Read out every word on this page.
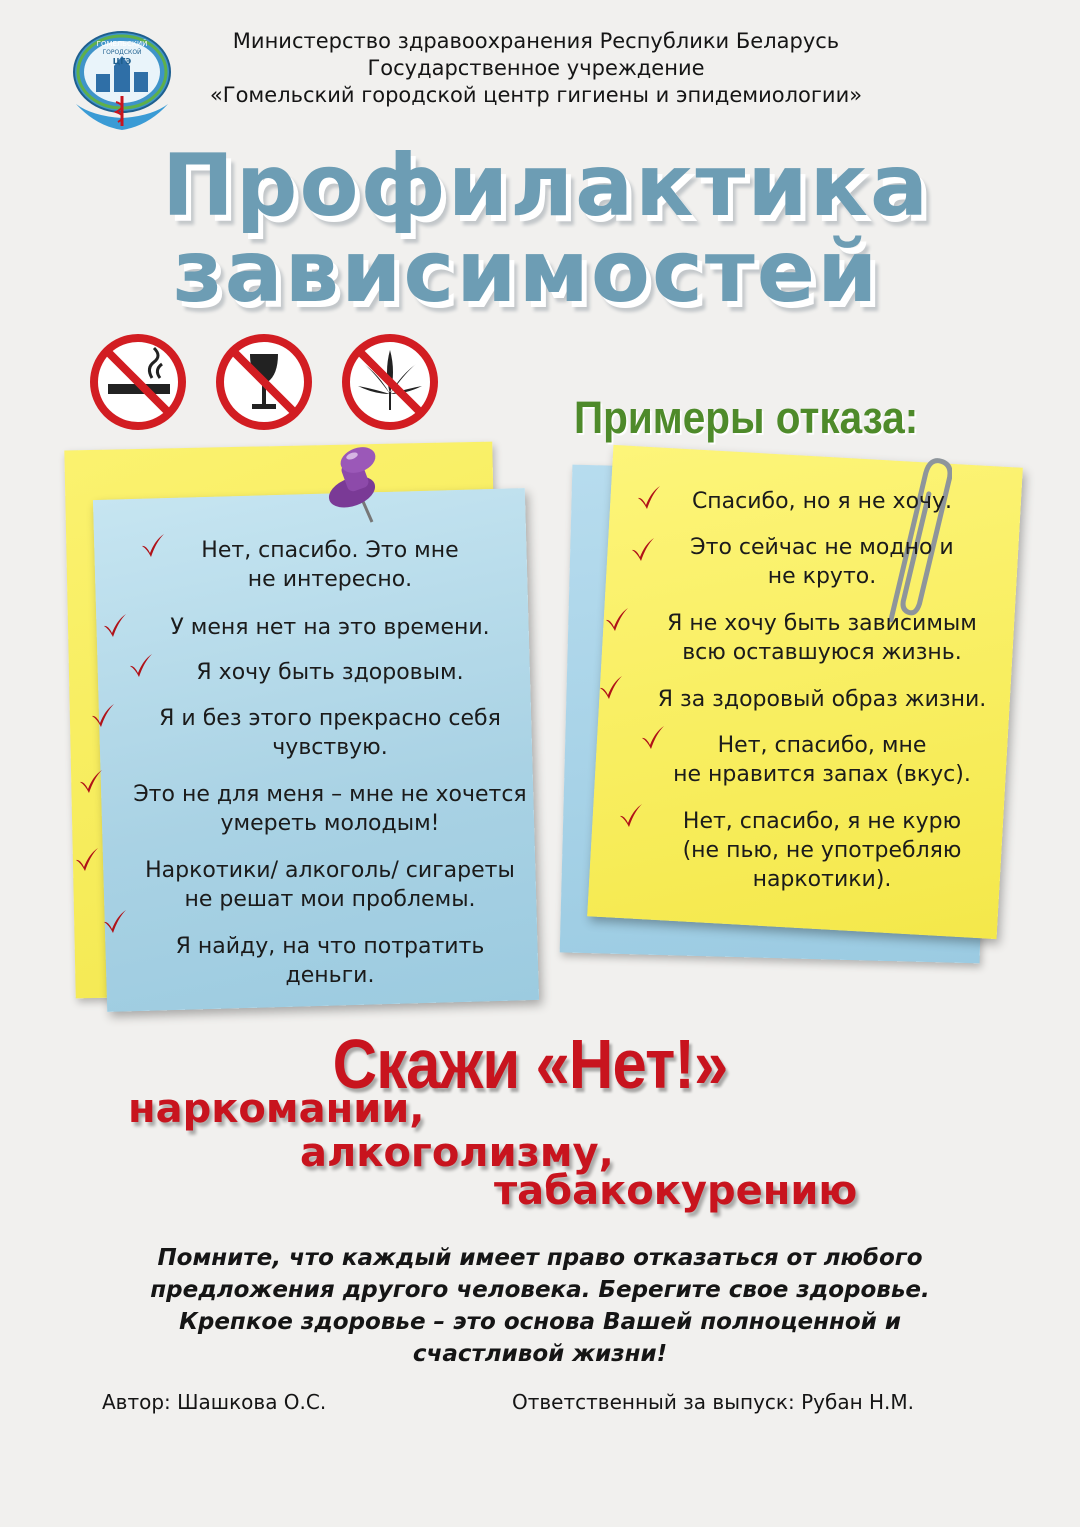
ГОМЕЛЬСКИЙ
ГОРОДСКОЙ
ЦГЭ
Министерство здравоохранения Республики Беларусь
Государственное учреждение
«Гомельский городской центр гигиены и эпидемиологии»
Профилактика
зависимостей
Примеры отказа:
Нет, спасибо. Это мне
не интересно.
У меня нет на это времени.
Я хочу быть здоровым.
Я и без этого прекрасно себя
чувствую.
Это не для меня – мне не хочется
умереть молодым!
Наркотики/ алкоголь/ сигареты
не решат мои проблемы.
Я найду, на что потратить
деньги.
Спасибо, но я не хочу.
Это сейчас не модно и
не круто.
Я не хочу быть зависимым
всю оставшуюся жизнь.
Я за здоровый образ жизни.
Нет, спасибо, мне
не нравится запах (вкус).
Нет, спасибо, я не курю
(не пью, не употребляю
наркотики).
Скажи «Нет!»
наркомании,
алкоголизму,
табакокурению
Помните, что каждый имеет право отказаться от любого
предложения другого человека. Берегите свое здоровье.
Крепкое здоровье – это основа Вашей полноценной и
счастливой жизни!
Автор: Шашкова О.С.	Ответственный за выпуск: Рубан Н.М.
